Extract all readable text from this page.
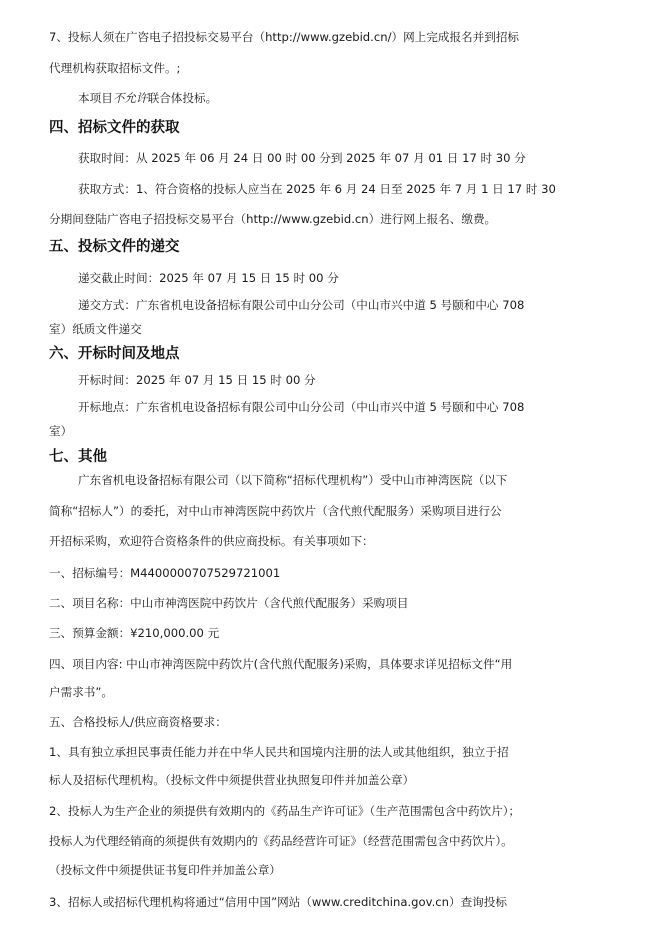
7、投标人须在广咨电子招投标交易平台（http://www.gzebid.cn/）网上完成报名并到招标
代理机构获取招标文件。;
本项目不允许联合体投标。
四、招标文件的获取
获取时间：从 2025 年 06 月 24 日 00 时 00 分到 2025 年 07 月 01 日 17 时 30 分
获取方式：1、符合资格的投标人应当在 2025 年 6 月 24 日至 2025 年 7 月 1 日 17 时 30
分期间登陆广咨电子招投标交易平台（http://www.gzebid.cn）进行网上报名、缴费。
五、投标文件的递交
递交截止时间：2025 年 07 月 15 日 15 时 00 分
递交方式：广东省机电设备招标有限公司中山分公司（中山市兴中道 5 号颐和中心 708
室）纸质文件递交
六、开标时间及地点
开标时间：2025 年 07 月 15 日 15 时 00 分
开标地点：广东省机电设备招标有限公司中山分公司（中山市兴中道 5 号颐和中心 708
室）
七、其他
广东省机电设备招标有限公司（以下简称“招标代理机构”）受中山市神湾医院（以下
简称“招标人”）的委托，对中山市神湾医院中药饮片（含代煎代配服务）采购项目进行公
开招标采购，欢迎符合资格条件的供应商投标。有关事项如下：
一、招标编号：M4400000707529721001
二、项目名称：中山市神湾医院中药饮片（含代煎代配服务）采购项目
三、预算金额：¥210,000.00 元
四、项目内容: 中山市神湾医院中药饮片(含代煎代配服务)采购，具体要求详见招标文件“用
户需求书”。
五、合格投标人/供应商资格要求：
1、具有独立承担民事责任能力并在中华人民共和国境内注册的法人或其他组织，独立于招
标人及招标代理机构。（投标文件中须提供营业执照复印件并加盖公章）
2、投标人为生产企业的须提供有效期内的《药品生产许可证》（生产范围需包含中药饮片）；
投标人为代理经销商的须提供有效期内的《药品经营许可证》（经营范围需包含中药饮片）。
（投标文件中须提供证书复印件并加盖公章）
3、招标人或招标代理机构将通过“信用中国”网站（www.creditchina.gov.cn）查询投标
